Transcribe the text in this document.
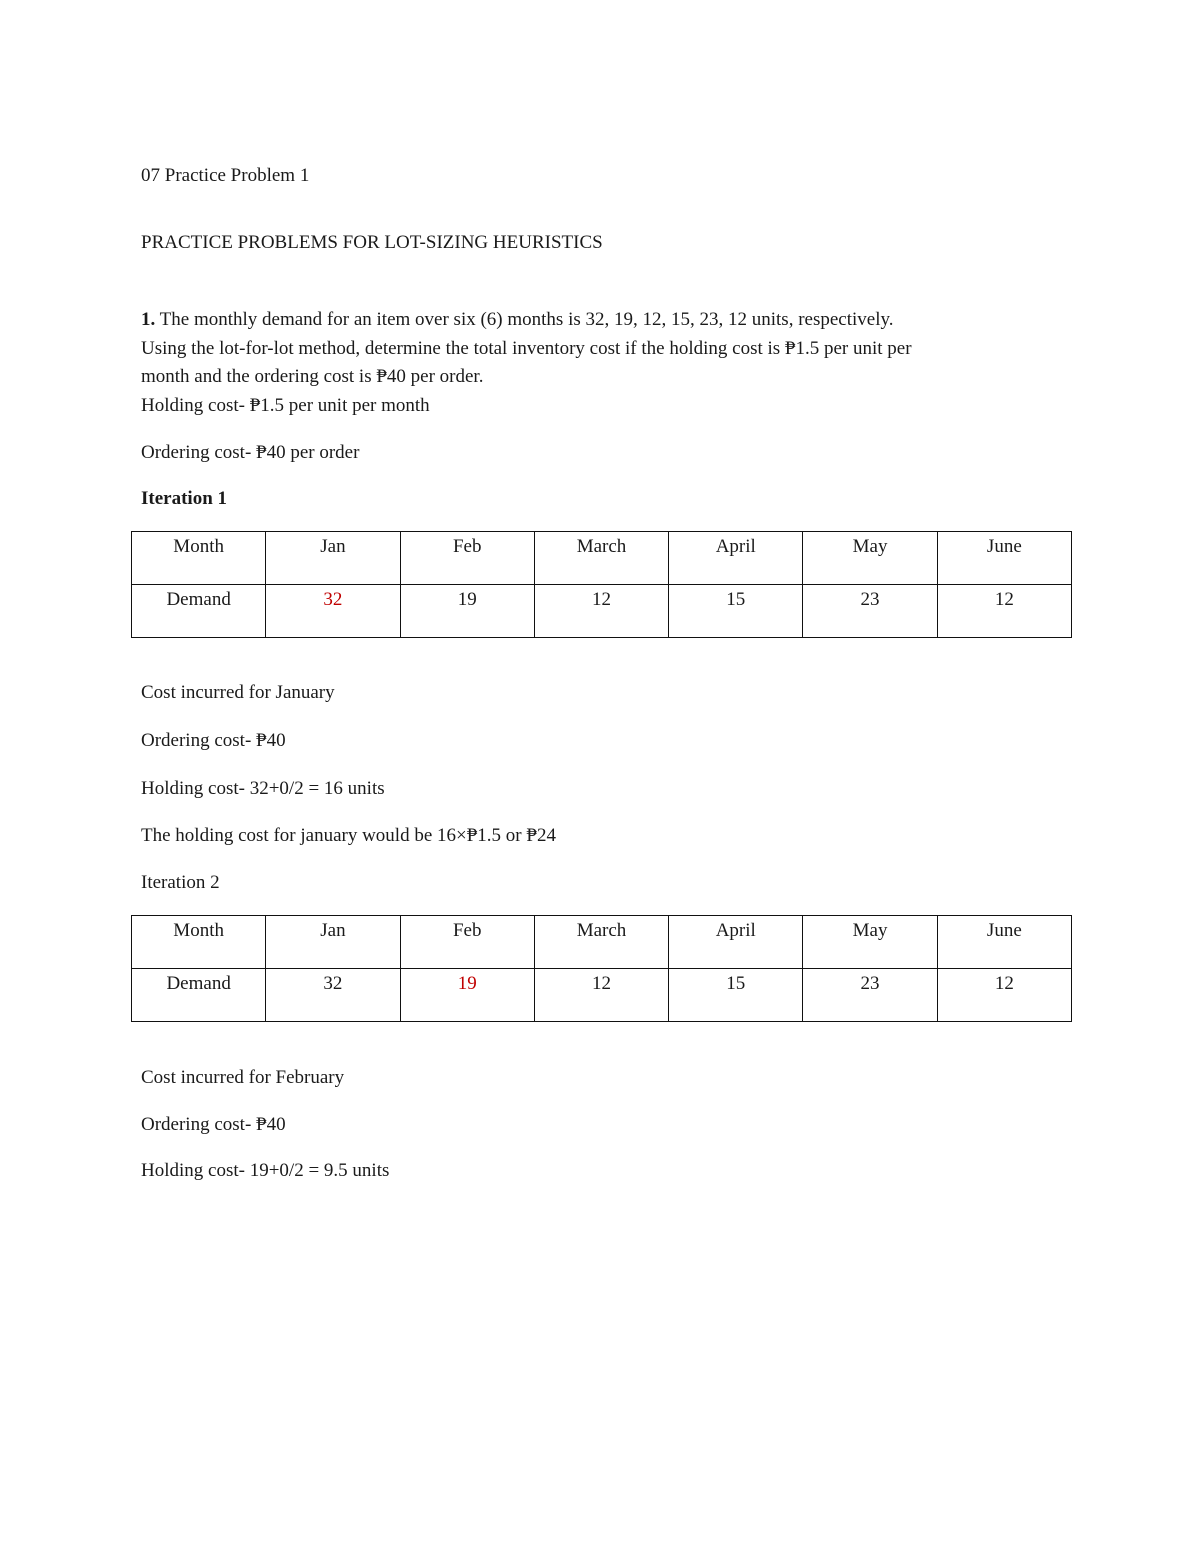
07 Practice Problem 1
PRACTICE PROBLEMS FOR LOT-SIZING HEURISTICS
1. The monthly demand for an item over six (6) months is 32, 19, 12, 15, 23, 12 units, respectively.
Using the lot-for-lot method, determine the total inventory cost if the holding cost is ₱1.5 per unit per
month and the ordering cost is ₱40 per order.
Holding cost- ₱1.5 per unit per month
Ordering cost- ₱40 per order
Iteration 1
Month	Jan	Feb	March	April	May	June
Demand	32	19	12	15	23	12
Cost incurred for January
Ordering cost- ₱40
Holding cost- 32+0/2 = 16 units
The holding cost for january would be 16×₱1.5 or ₱24
Iteration 2
Month	Jan	Feb	March	April	May	June
Demand	32	19	12	15	23	12
Cost incurred for February
Ordering cost- ₱40
Holding cost- 19+0/2 = 9.5 units
